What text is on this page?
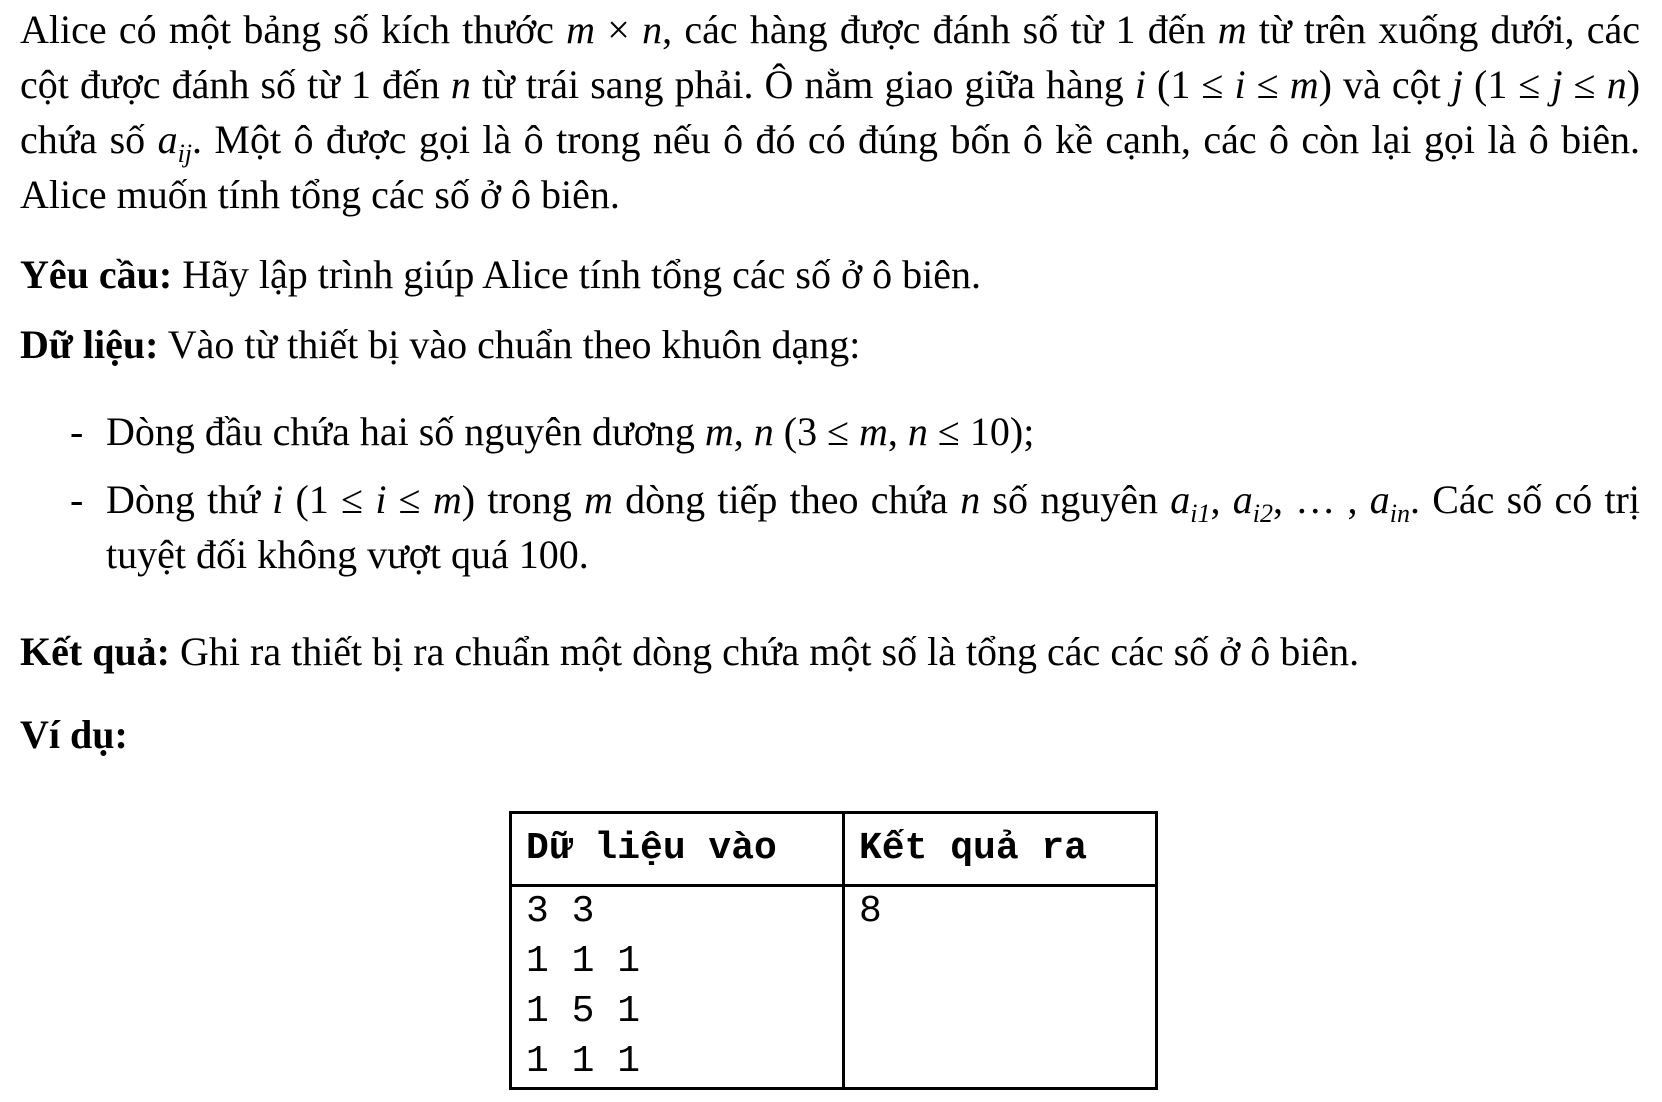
Alice có một bảng số kích thước m × n, các hàng được đánh số từ 1 đến m từ trên xuống dưới, các cột được đánh số từ 1 đến n từ trái sang phải. Ô nằm giao giữa hàng i (1 ≤ i ≤ m) và cột j (1 ≤ j ≤ n) chứa số $a_{ij}$. Một ô được gọi là ô trong nếu ô đó có đúng bốn ô kề cạnh, các ô còn lại gọi là ô biên. Alice muốn tính tổng các số ở ô biên.

Yêu cầu: Hãy lập trình giúp Alice tính tổng các số ở ô biên.

Dữ liệu: Vào từ thiết bị vào chuẩn theo khuôn dạng:

- Dòng đầu chứa hai số nguyên dương m, n (3 ≤ m, n ≤ 10);
- Dòng thứ i (1 ≤ i ≤ m) trong m dòng tiếp theo chứa n số nguyên $a_{i1}$, $a_{i2}$, … , $a_{in}$. Các số có trị tuyệt đối không vượt quá 100.

Kết quả: Ghi ra thiết bị ra chuẩn một dòng chứa một số là tổng các các số ở ô biên.

Ví dụ:

Dữ liệu vào	Kết quả ra

3 3
1 1 1
1 5 1
1 1 1	8
